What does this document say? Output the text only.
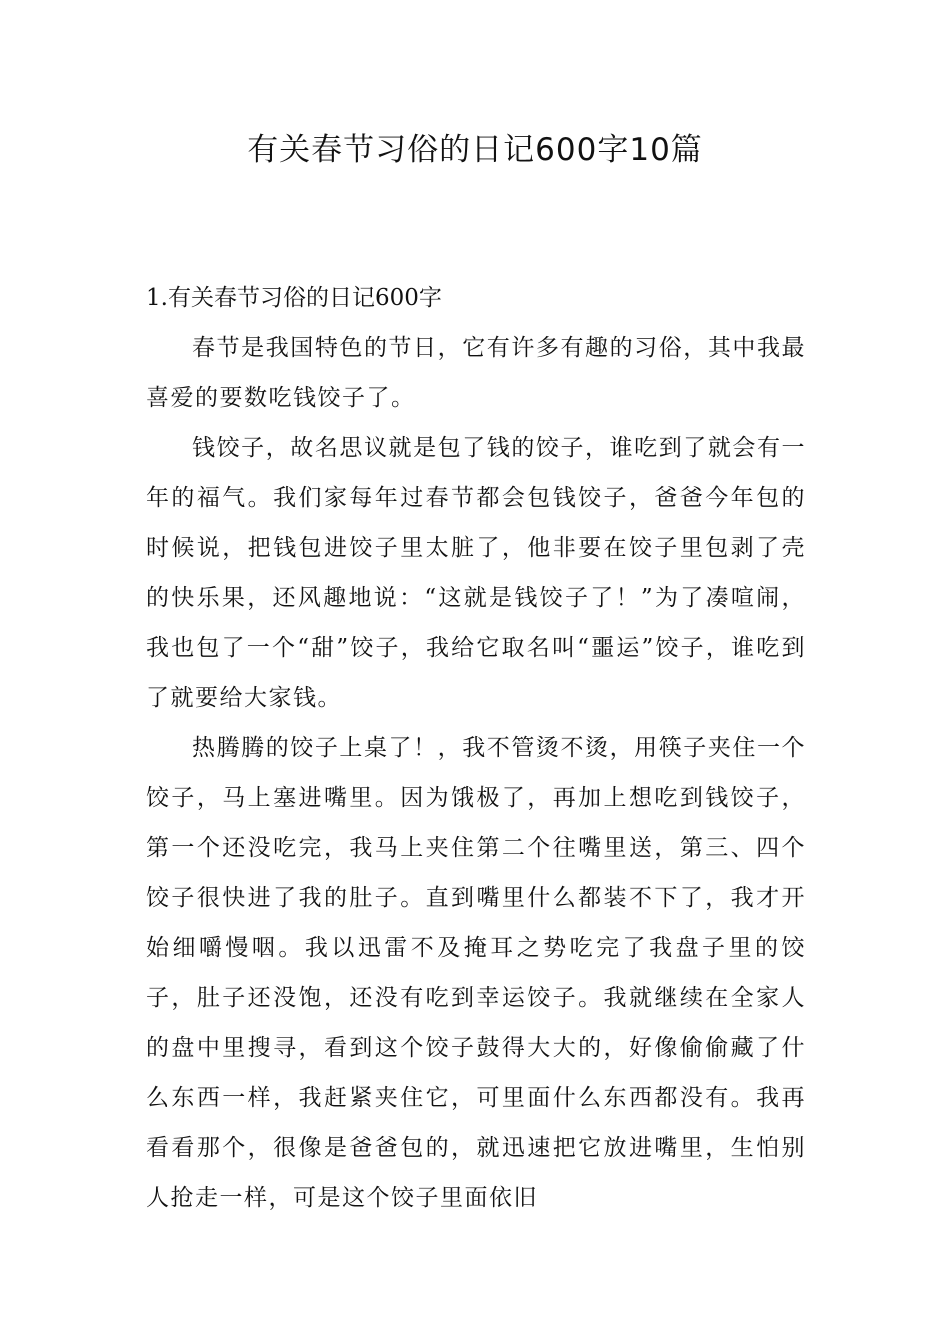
有关春节习俗的日记600字10篇

1.有关春节习俗的日记600字

春节是我国特色的节日，它有许多有趣的习俗，其中我最喜爱的要数吃钱饺子了。

钱饺子，故名思议就是包了钱的饺子，谁吃到了就会有一年的福气。我们家每年过春节都会包钱饺子，爸爸今年包的时候说，把钱包进饺子里太脏了，他非要在饺子里包剥了壳的快乐果，还风趣地说：“这就是钱饺子了！”为了凑喧闹，我也包了一个“甜”饺子，我给它取名叫“噩运”饺子，谁吃到了就要给大家钱。

热腾腾的饺子上桌了！，我不管烫不烫，用筷子夹住一个饺子，马上塞进嘴里。因为饿极了，再加上想吃到钱饺子，第一个还没吃完，我马上夹住第二个往嘴里送，第三、四个饺子很快进了我的肚子。直到嘴里什么都装不下了，我才开始细嚼慢咽。我以迅雷不及掩耳之势吃完了我盘子里的饺子，肚子还没饱，还没有吃到幸运饺子。我就继续在全家人的盘中里搜寻，看到这个饺子鼓得大大的，好像偷偷藏了什么东西一样，我赶紧夹住它，可里面什么东西都没有。我再看看那个，很像是爸爸包的，就迅速把它放进嘴里，生怕别人抢走一样，可是这个饺子里面依旧
